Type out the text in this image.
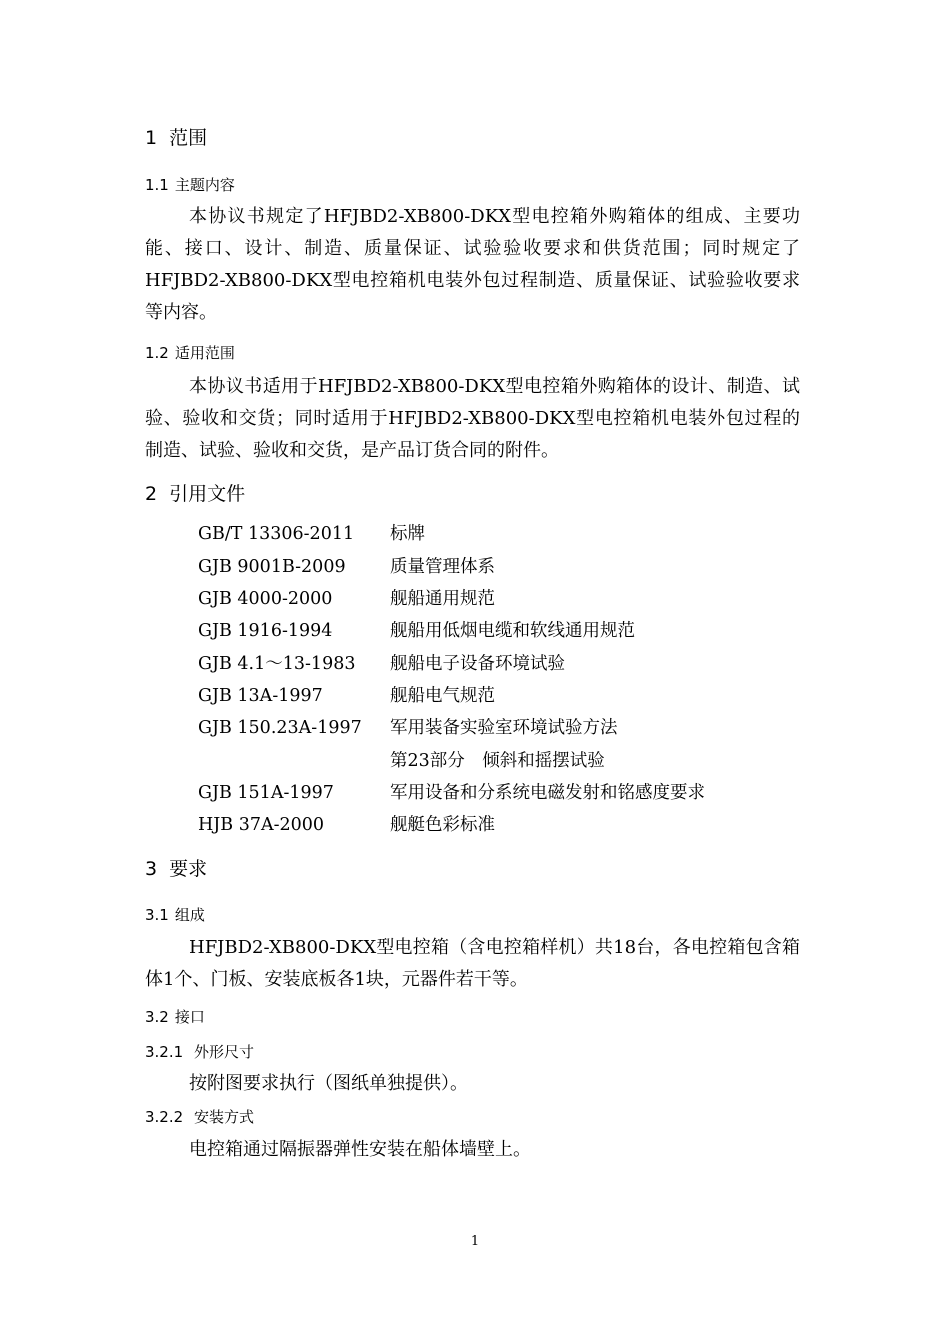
1 范围
1.1 主题内容

本协议书规定了HFJBD2-XB800-DKX型电控箱外购箱体的组成、主要功能、接口、设计、制造、质量保证、试验验收要求和供货范围；同时规定了HFJBD2-XB800-DKX型电控箱机电装外包过程制造、质量保证、试验验收要求等内容。

1.2 适用范围

本协议书适用于HFJBD2-XB800-DKX型电控箱外购箱体的设计、制造、试验、验收和交货；同时适用于HFJBD2-XB800-DKX型电控箱机电装外包过程的制造、试验、验收和交货，是产品订货合同的附件。

2 引用文件
GB/T 13306-2011 标牌
GJB 9001B-2009	质量管理体系
GJB 4000-2000	舰船通用规范
GJB 1916-1994	舰船用低烟电缆和软线通用规范
GJB 4.1～13-1983 舰船电子设备环境试验
GJB 13A-1997	舰船电气规范
GJB 150.23A-1997 军用装备实验室环境试验方法
第23部分　倾斜和摇摆试验
GJB 151A-1997	军用设备和分系统电磁发射和铭感度要求
HJB 37A-2000	舰艇色彩标准
3 要求
3.1 组成

HFJBD2-XB800-DKX型电控箱（含电控箱样机）共18台，各电控箱包含箱体1个、门板、安装底板各1块，元器件若干等。

3.2 接口
3.2.1 外形尺寸

按附图要求执行（图纸单独提供）。

3.2.2 安装方式

电控箱通过隔振器弹性安装在船体墙壁上。

1
